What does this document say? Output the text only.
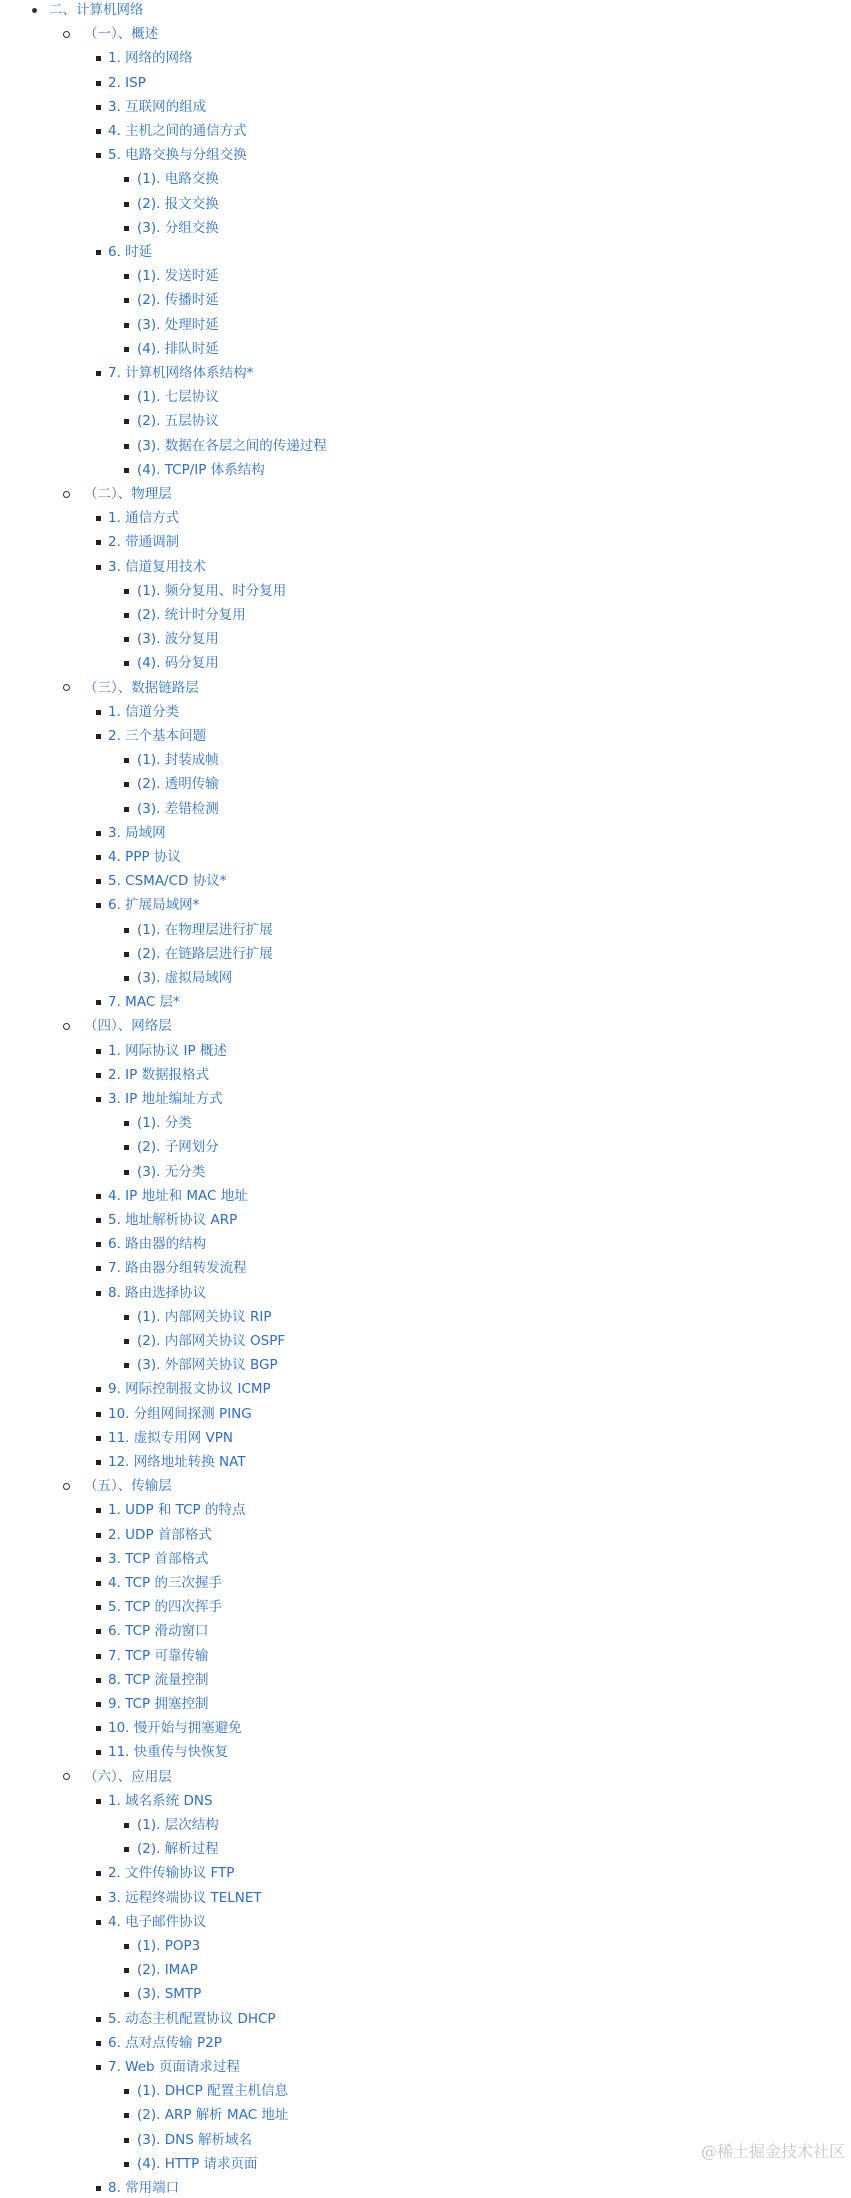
二、计算机网络
（一）、概述
1. 网络的网络
2. ISP
3. 互联网的组成
4. 主机之间的通信方式
5. 电路交换与分组交换
(1). 电路交换
(2). 报文交换
(3). 分组交换
6. 时延
(1). 发送时延
(2). 传播时延
(3). 处理时延
(4). 排队时延
7. 计算机网络体系结构*
(1). 七层协议
(2). 五层协议
(3). 数据在各层之间的传递过程
(4). TCP/IP 体系结构
（二）、物理层
1. 通信方式
2. 带通调制
3. 信道复用技术
(1). 频分复用、时分复用
(2). 统计时分复用
(3). 波分复用
(4). 码分复用
（三）、数据链路层
1. 信道分类
2. 三个基本问题
(1). 封装成帧
(2). 透明传输
(3). 差错检测
3. 局域网
4. PPP 协议
5. CSMA/CD 协议*
6. 扩展局域网*
(1). 在物理层进行扩展
(2). 在链路层进行扩展
(3). 虚拟局域网
7. MAC 层*
（四）、网络层
1. 网际协议 IP 概述
2. IP 数据报格式
3. IP 地址编址方式
(1). 分类
(2). 子网划分
(3). 无分类
4. IP 地址和 MAC 地址
5. 地址解析协议 ARP
6. 路由器的结构
7. 路由器分组转发流程
8. 路由选择协议
(1). 内部网关协议 RIP
(2). 内部网关协议 OSPF
(3). 外部网关协议 BGP
9. 网际控制报文协议 ICMP
10. 分组网间探测 PING
11. 虚拟专用网 VPN
12. 网络地址转换 NAT
（五）、传输层
1. UDP 和 TCP 的特点
2. UDP 首部格式
3. TCP 首部格式
4. TCP 的三次握手
5. TCP 的四次挥手
6. TCP 滑动窗口
7. TCP 可靠传输
8. TCP 流量控制
9. TCP 拥塞控制
10. 慢开始与拥塞避免
11. 快重传与快恢复
（六）、应用层
1. 域名系统 DNS
(1). 层次结构
(2). 解析过程
2. 文件传输协议 FTP
3. 远程终端协议 TELNET
4. 电子邮件协议
(1). POP3
(2). IMAP
(3). SMTP
5. 动态主机配置协议 DHCP
6. 点对点传输 P2P
7. Web 页面请求过程
(1). DHCP 配置主机信息
(2). ARP 解析 MAC 地址
(3). DNS 解析域名
(4). HTTP 请求页面
8. 常用端口
@稀土掘金技术社区
